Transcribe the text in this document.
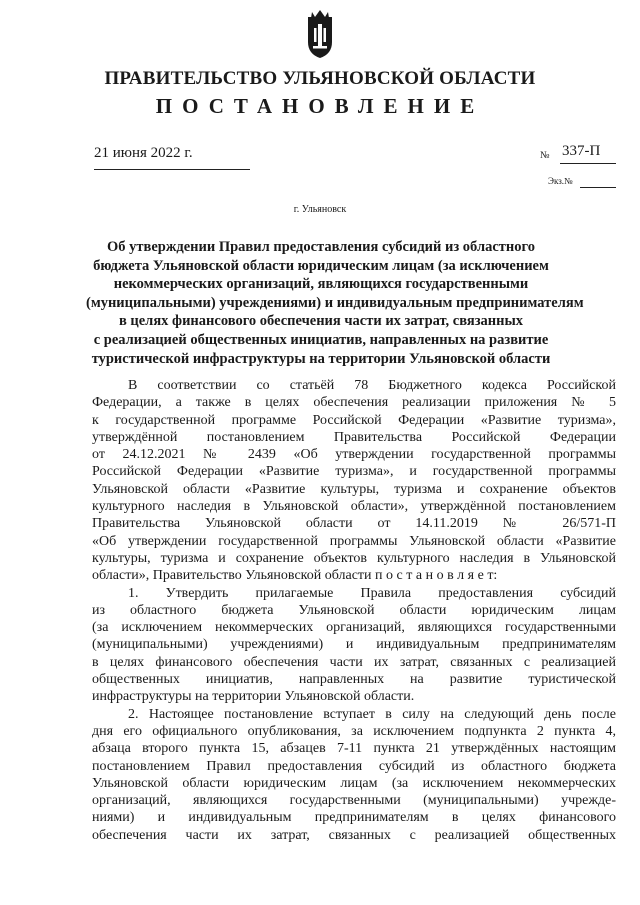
ПРАВИТЕЛЬСТВО УЛЬЯНОВСКОЙ ОБЛАСТИ
ПОСТАНОВЛЕНИЕ
21 июня 2022 г.	№ 337-П
Экз.№
г. Ульяновск
Об утверждении Правил предоставления субсидий из областного
бюджета Ульяновской области юридическим лицам (за исключением
некоммерческих организаций, являющихся государственными
(муниципальными) учреждениями) и индивидуальным предпринимателям
в целях финансового обеспечения части их затрат, связанных
с реализацией общественных инициатив, направленных на развитие
туристической инфраструктуры на территории Ульяновской области
В соответствии со статьёй 78 Бюджетного кодекса Российской
Федерации, а также в целях обеспечения реализации приложения № 5
к государственной программе Российской Федерации «Развитие туризма»,
утверждённой постановлением Правительства Российской Федерации
от 24.12.2021 № 2439 «Об утверждении государственной программы
Российской Федерации «Развитие туризма», и государственной программы
Ульяновской области «Развитие культуры, туризма и сохранение объектов
культурного наследия в Ульяновской области», утверждённой постановлением
Правительства Ульяновской области от 14.11.2019 № 26/571-П
«Об утверждении государственной программы Ульяновской области «Развитие
культуры, туризма и сохранение объектов культурного наследия в Ульяновской
области», Правительство Ульяновской области п о с т а н о в л я е т:
1. Утвердить прилагаемые Правила предоставления субсидий
из областного бюджета Ульяновской области юридическим лицам
(за исключением некоммерческих организаций, являющихся государственными
(муниципальными) учреждениями) и индивидуальным предпринимателям
в целях финансового обеспечения части их затрат, связанных с реализацией
общественных инициатив, направленных на развитие туристической
инфраструктуры на территории Ульяновской области.
2. Настоящее постановление вступает в силу на следующий день после
дня его официального опубликования, за исключением подпункта 2 пункта 4,
абзаца второго пункта 15, абзацев 7-11 пункта 21 утверждённых настоящим
постановлением Правил предоставления субсидий из областного бюджета
Ульяновской области юридическим лицам (за исключением некоммерческих
организаций, являющихся государственными (муниципальными) учрежде-
ниями) и индивидуальным предпринимателям в целях финансового
обеспечения части их затрат, связанных с реализацией общественных
